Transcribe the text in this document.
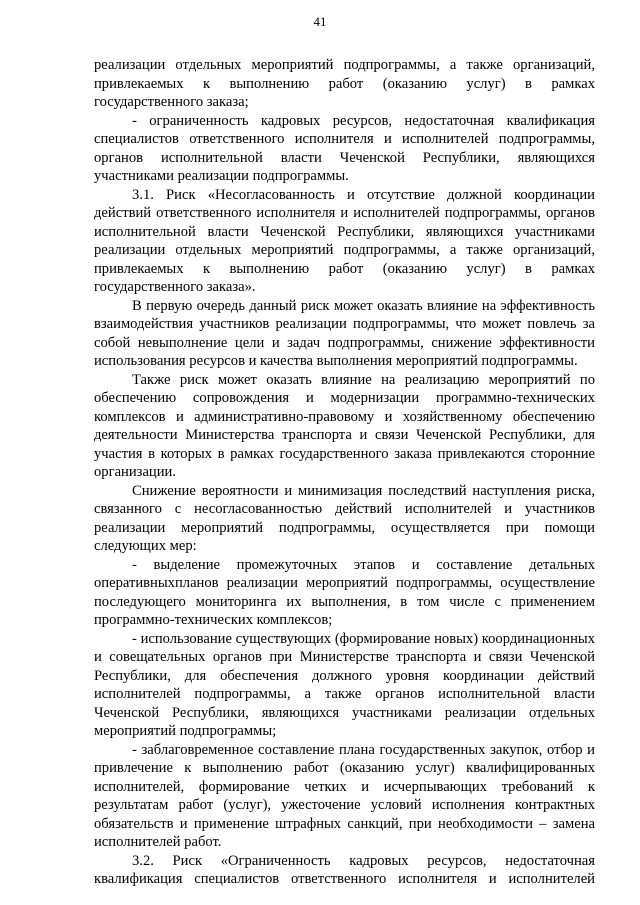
41

реализации отдельных мероприятий подпрограммы, а также организаций, привлекаемых к выполнению работ (оказанию услуг) в рамках государственного заказа;

- ограниченность кадровых ресурсов, недостаточная квалификация специалистов ответственного исполнителя и исполнителей подпрограммы, органов исполнительной власти Чеченской Республики, являющихся участниками реализации подпрограммы.

3.1. Риск «Несогласованность и отсутствие должной координации действий ответственного исполнителя и исполнителей подпрограммы, органов исполнительной власти Чеченской Республики, являющихся участниками реализации отдельных мероприятий подпрограммы, а также организаций, привлекаемых к выполнению работ (оказанию услуг) в рамках государственного заказа».

В первую очередь данный риск может оказать влияние на эффективность взаимодействия участников реализации подпрограммы, что может повлечь за собой невыполнение цели и задач подпрограммы, снижение эффективности использования ресурсов и качества выполнения мероприятий подпрограммы.

Также риск может оказать влияние на реализацию мероприятий по обеспечению сопровождения и модернизации программно-технических комплексов и административно-правовому и хозяйственному обеспечению деятельности Министерства транспорта и связи Чеченской Республики, для участия в которых в рамках государственного заказа привлекаются сторонние организации.

Снижение вероятности и минимизация последствий наступления риска, связанного с несогласованностью действий исполнителей и участников реализации мероприятий подпрограммы, осуществляется при помощи следующих мер:

- выделение промежуточных этапов и составление детальных оперативныхпланов реализации мероприятий подпрограммы, осуществление последующего мониторинга их выполнения, в том числе с применением программно-технических комплексов;

- использование существующих (формирование новых) координационных и совещательных органов при Министерстве транспорта и связи Чеченской Республики, для обеспечения должного уровня координации действий исполнителей подпрограммы, а также органов исполнительной власти Чеченской Республики, являющихся участниками реализации отдельных мероприятий подпрограммы;

- заблаговременное составление плана государственных закупок, отбор и привлечение к выполнению работ (оказанию услуг) квалифицированных исполнителей, формирование четких и исчерпывающих требований к результатам работ (услуг), ужесточение условий исполнения контрактных обязательств и применение штрафных санкций, при необходимости – замена исполнителей работ.

3.2. Риск «Ограниченность кадровых ресурсов, недостаточная квалификация специалистов ответственного исполнителя и исполнителей
